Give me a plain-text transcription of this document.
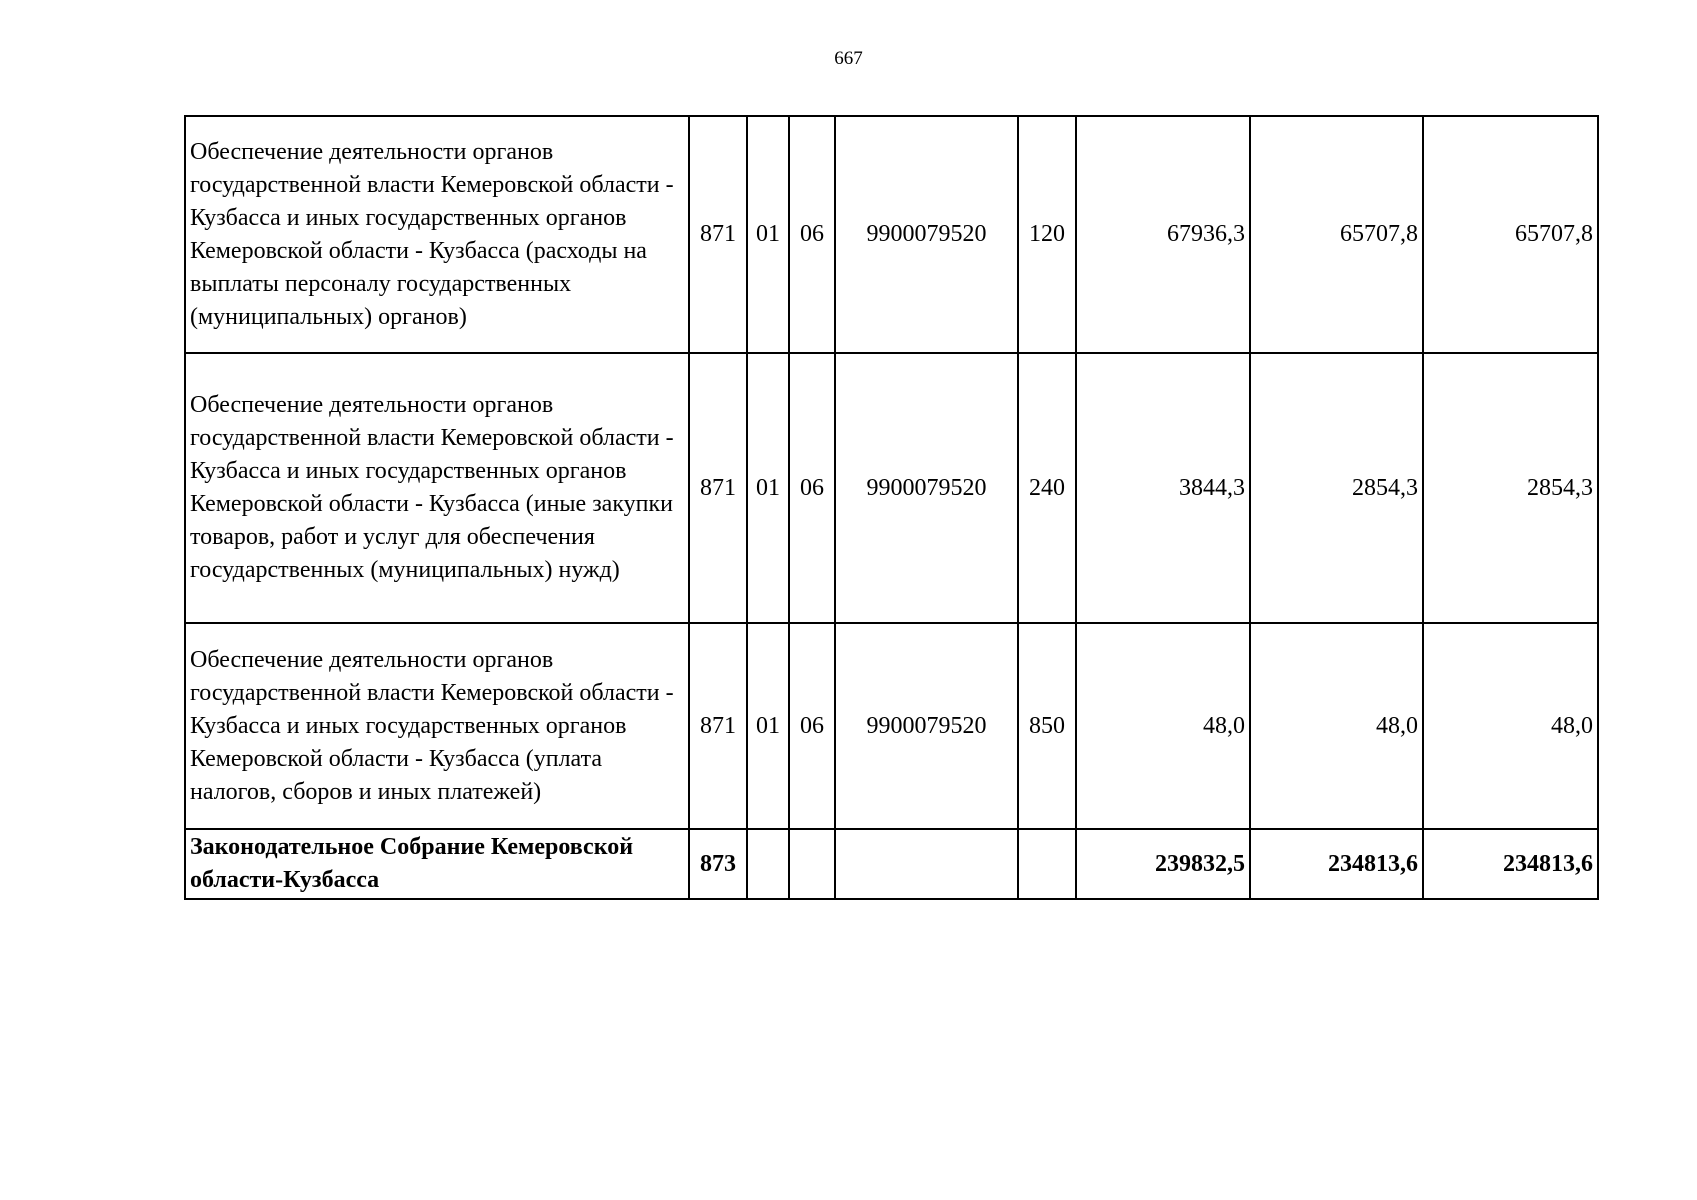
667
Обеспечение деятельности органов государственной власти Кемеровской области - Кузбасса и иных государственных органов Кемеровской области - Кузбасса (расходы на выплаты персоналу государственных (муниципальных) органов)	871	01	06	9900079520	120	67936,3	65707,8	65707,8
Обеспечение деятельности органов государственной власти Кемеровской области - Кузбасса и иных государственных органов Кемеровской области - Кузбасса (иные закупки товаров, работ и услуг для обеспечения государственных (муниципальных) нужд)	871	01	06	9900079520	240	3844,3	2854,3	2854,3
Обеспечение деятельности органов государственной власти Кемеровской области - Кузбасса и иных государственных органов Кемеровской области - Кузбасса (уплата налогов, сборов и иных платежей)	871	01	06	9900079520	850	48,0	48,0	48,0
Законодательное Собрание Кемеровской области-Кузбасса	873					239832,5	234813,6	234813,6
